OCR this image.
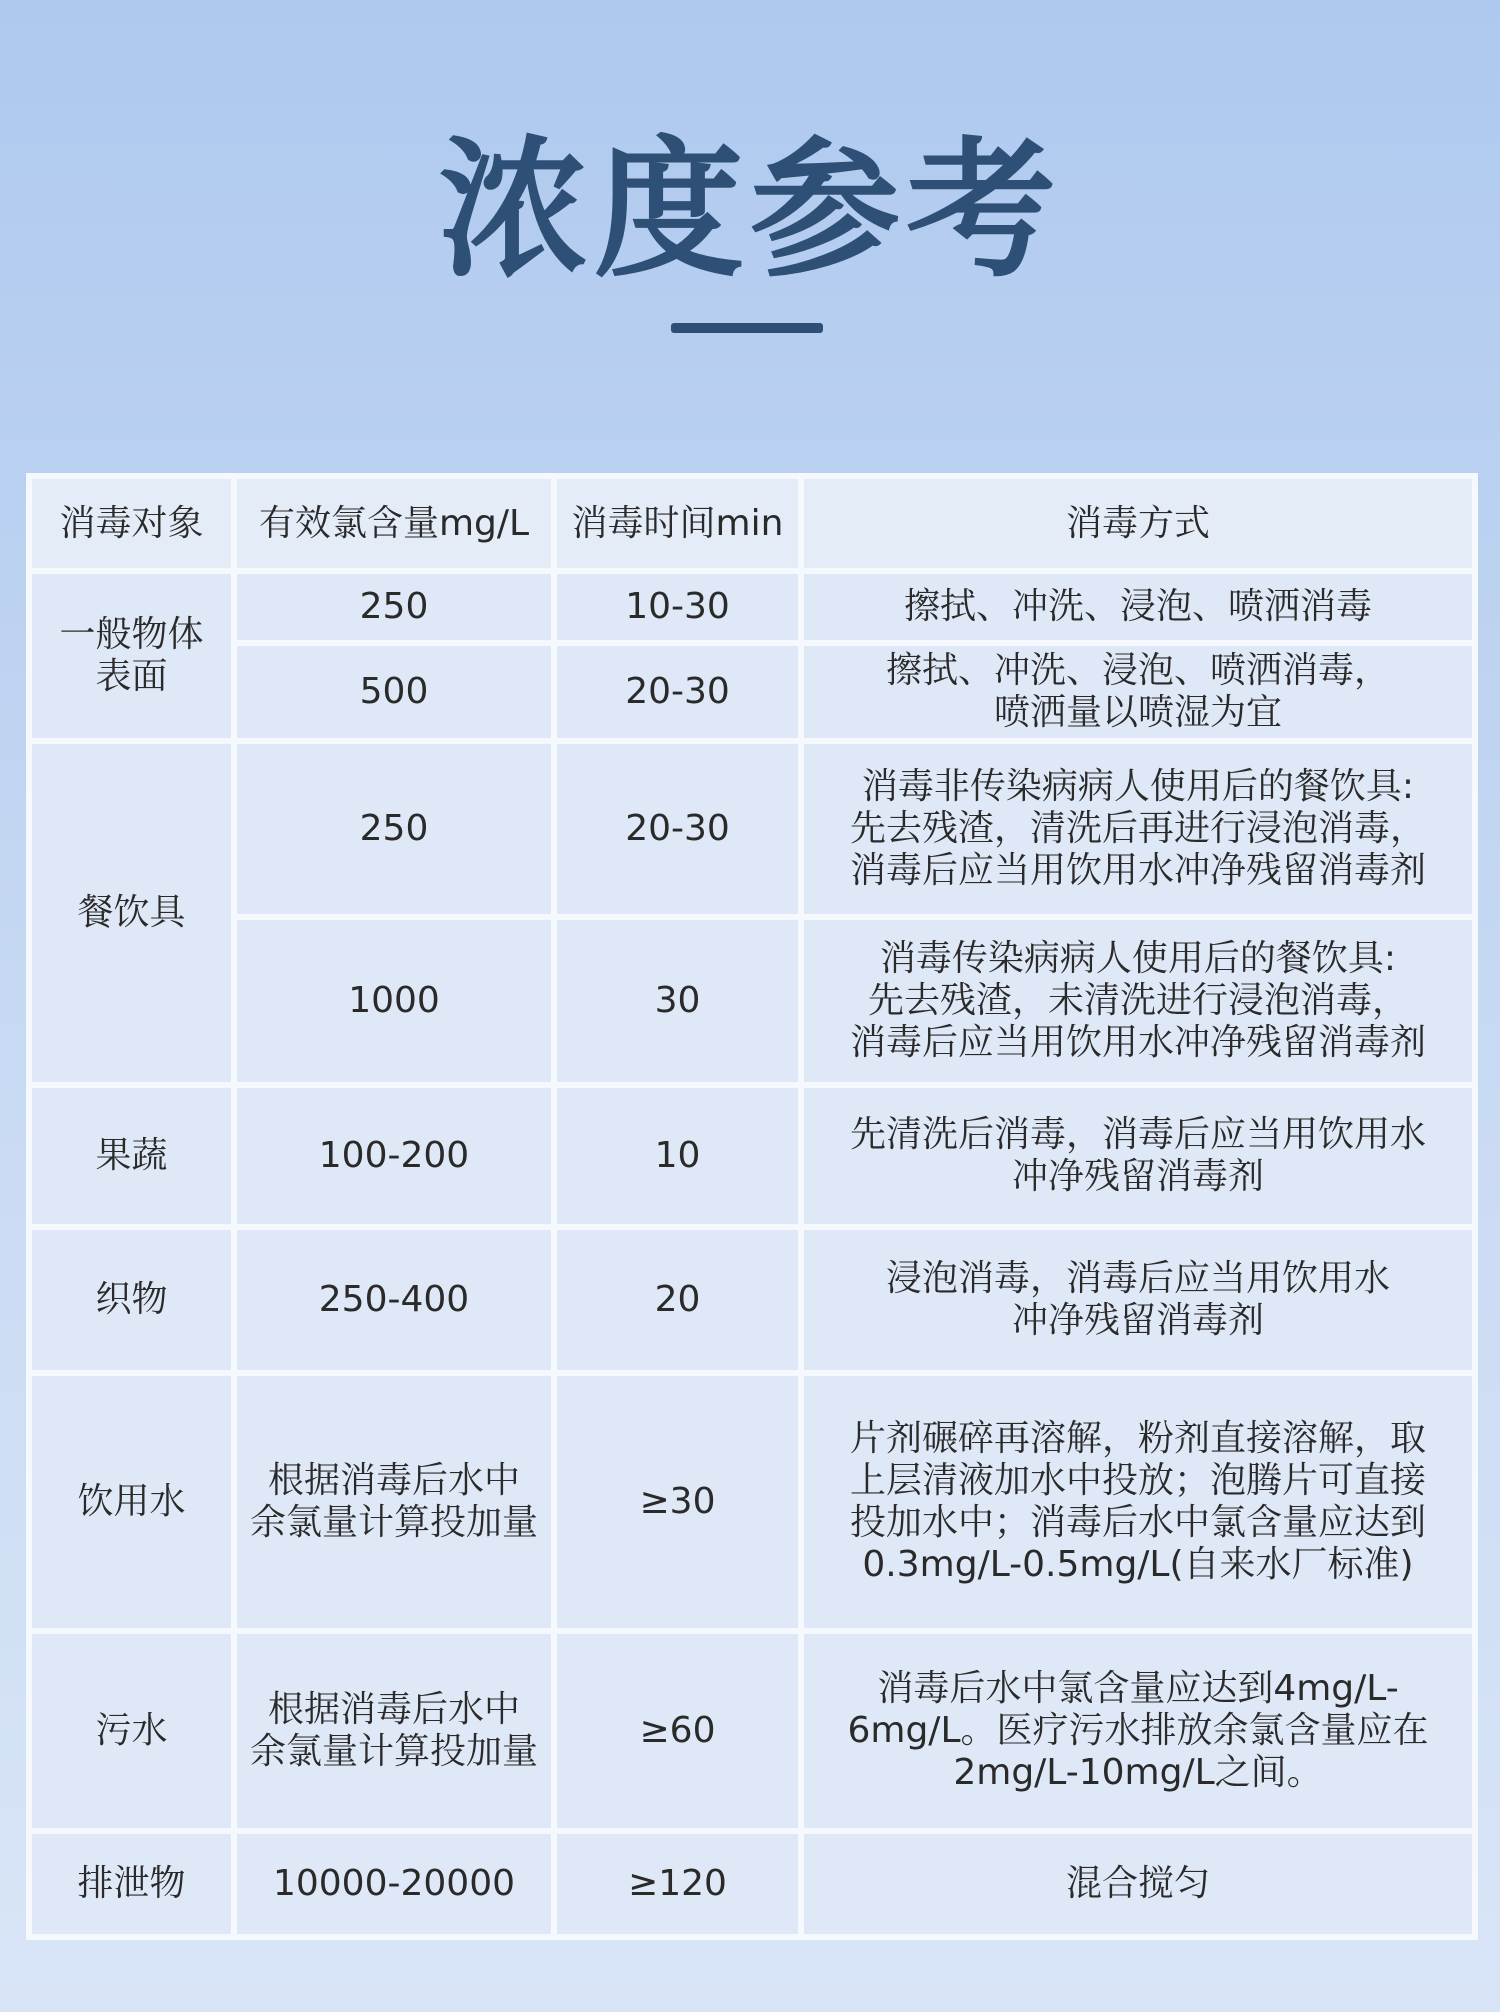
浓度参考
消毒对象	有效氯含量mg/L	消毒时间min	消毒方式
一般物体
表面	250	10-30	擦拭、冲洗、浸泡、喷洒消毒
	500	20-30	擦拭、冲洗、浸泡、喷洒消毒，
喷洒量以喷湿为宜
餐饮具	250	20-30	消毒非传染病病人使用后的餐饮具:
先去残渣，清洗后再进行浸泡消毒，
消毒后应当用饮用水冲净残留消毒剂
	1000	30	消毒传染病病人使用后的餐饮具:
先去残渣，未清洗进行浸泡消毒，
消毒后应当用饮用水冲净残留消毒剂
果蔬	100-200	10	先清洗后消毒，消毒后应当用饮用水
冲净残留消毒剂
织物	250-400	20	浸泡消毒，消毒后应当用饮用水
冲净残留消毒剂
饮用水	根据消毒后水中
余氯量计算投加量	≥30	片剂碾碎再溶解，粉剂直接溶解，取
上层清液加水中投放；泡腾片可直接
投加水中；消毒后水中氯含量应达到
0.3mg/L-0.5mg/L(自来水厂标准)
污水	根据消毒后水中
余氯量计算投加量	≥60	消毒后水中氯含量应达到4mg/L-
6mg/L。医疗污水排放余氯含量应在
2mg/L-10mg/L之间。
排泄物	10000-20000	≥120	混合搅匀
